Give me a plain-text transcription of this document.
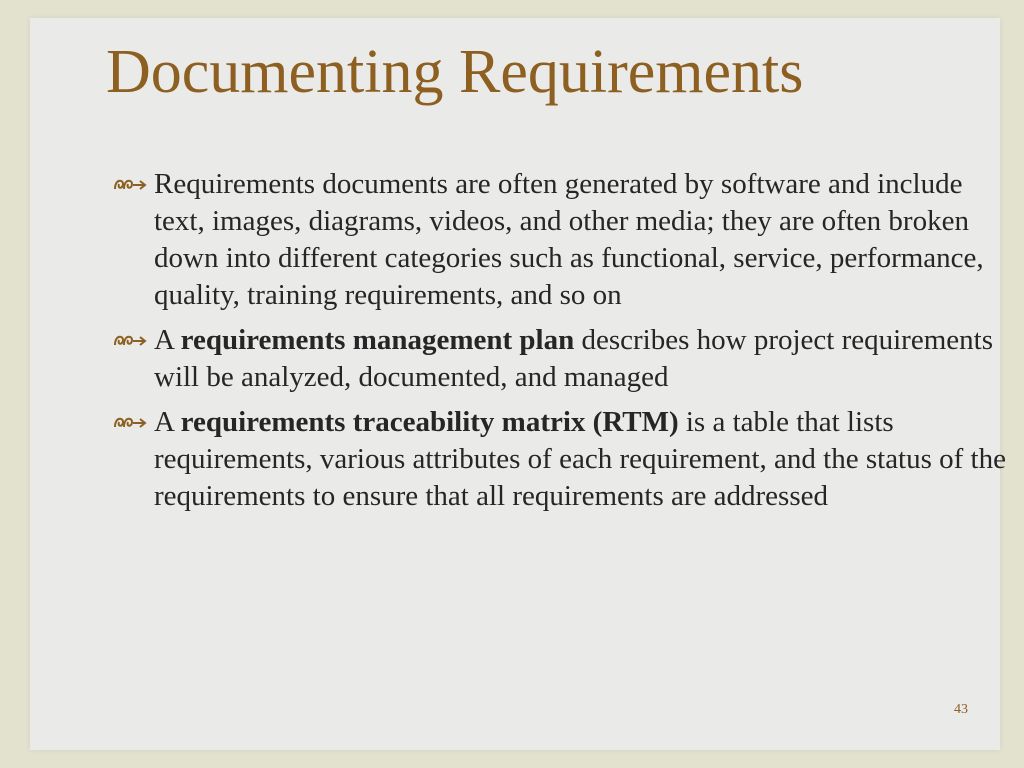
Documenting Requirements
Requirements documents are often generated by software and include text, images, diagrams, videos, and other media; they are often broken down into different categories such as functional, service, performance, quality, training requirements, and so on
A requirements management plan describes how project requirements will be analyzed, documented, and managed
A requirements traceability matrix (RTM) is a table that lists requirements, various attributes of each requirement, and the status of the requirements to ensure that all requirements are addressed
43
